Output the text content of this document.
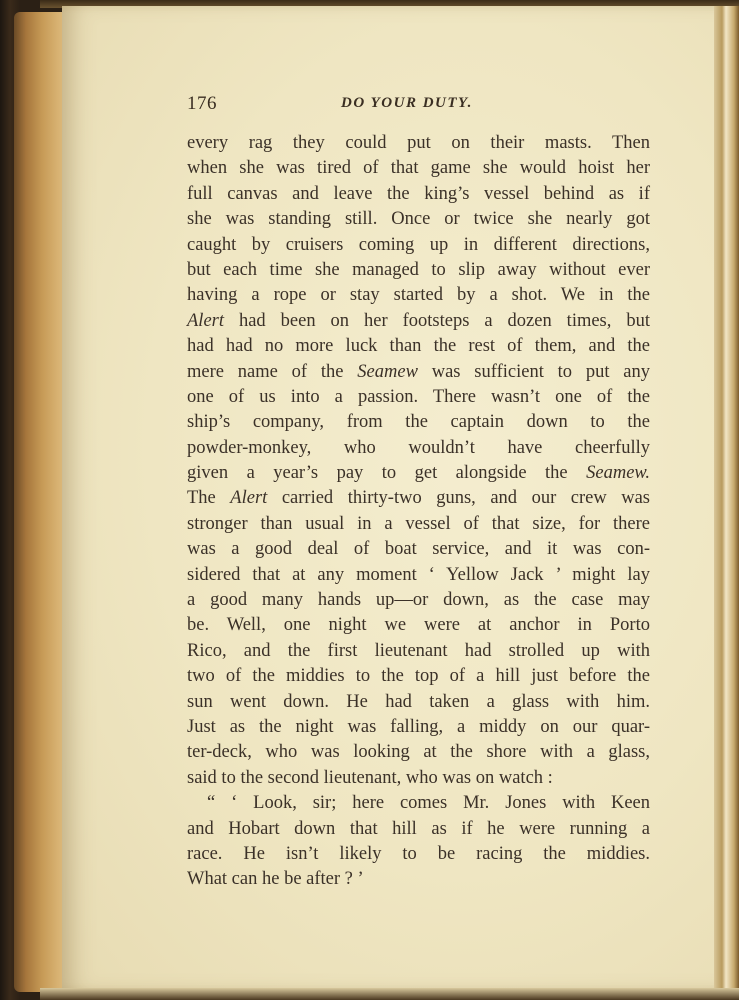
176	DO YOUR DUTY.
every rag they could put on their masts. Then
when she was tired of that game she would hoist her
full canvas and leave the king’s vessel behind as if
she was standing still. Once or twice she nearly got
caught by cruisers coming up in different directions,
but each time she managed to slip away without ever
having a rope or stay started by a shot. We in the
Alert had been on her footsteps a dozen times, but
had had no more luck than the rest of them, and the
mere name of the Seamew was sufficient to put any
one of us into a passion. There wasn’t one of the
ship’s company, from the captain down to the
powder-monkey, who wouldn’t have cheerfully
given a year’s pay to get alongside the Seamew.
The Alert carried thirty-two guns, and our crew was
stronger than usual in a vessel of that size, for there
was a good deal of boat service, and it was con-
sidered that at any moment ‘ Yellow Jack ’ might lay
a good many hands up—or down, as the case may
be. Well, one night we were at anchor in Porto
Rico, and the first lieutenant had strolled up with
two of the middies to the top of a hill just before the
sun went down. He had taken a glass with him.
Just as the night was falling, a middy on our quar-
ter-deck, who was looking at the shore with a glass,
said to the second lieutenant, who was on watch :
“ ‘ Look, sir; here comes Mr. Jones with Keen
and Hobart down that hill as if he were running a
race. He isn’t likely to be racing the middies.
What can he be after ? ’
